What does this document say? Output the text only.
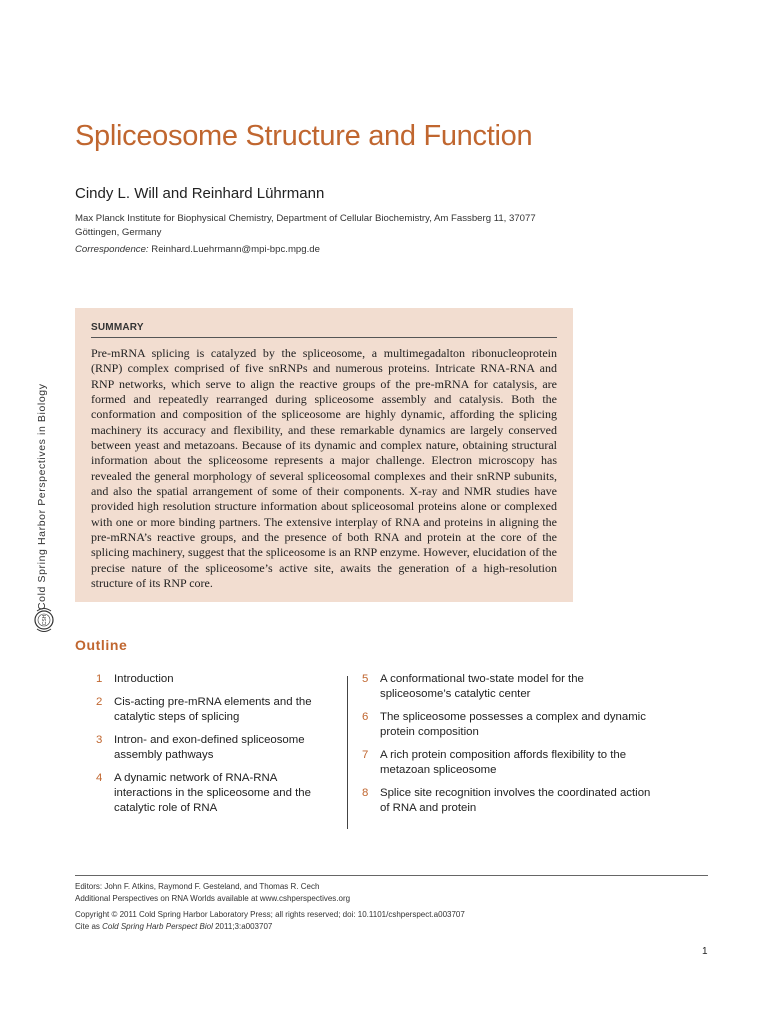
Cold Spring Harbor Perspectives in Biology
CSH
Spliceosome Structure and Function
Cindy L. Will and Reinhard Lührmann
Max Planck Institute for Biophysical Chemistry, Department of Cellular Biochemistry, Am Fassberg 11, 37077
Göttingen, Germany
Correspondence: Reinhard.Luehrmann@mpi-bpc.mpg.de
SUMMARY
Pre-mRNA splicing is catalyzed by the spliceosome, a multimegadalton ribonucleoprotein (RNP) complex comprised of five snRNPs and numerous proteins. Intricate RNA-RNA and RNP networks, which serve to align the reactive groups of the pre-mRNA for catalysis, are formed and repeatedly rearranged during spliceosome assembly and catalysis. Both the conformation and composition of the spliceosome are highly dynamic, affording the splicing machinery its accuracy and flexibility, and these remarkable dynamics are largely conserved between yeast and metazoans. Because of its dynamic and complex nature, obtaining structural information about the spliceosome represents a major challenge. Electron microscopy has revealed the general morphology of several spliceosomal complexes and their snRNP subunits, and also the spatial arrangement of some of their components. X-ray and NMR studies have provided high resolution structure information about spliceosomal proteins alone or complexed with one or more binding partners. The extensive interplay of RNA and proteins in aligning the pre-mRNA’s reactive groups, and the presence of both RNA and protein at the core of the splicing machinery, suggest that the spliceosome is an RNP enzyme. However, elucidation of the precise nature of the spliceosome’s active site, awaits the generation of a high-resolution structure of its RNP core.
Outline
1	Introduction
2	Cis-acting pre-mRNA elements and the catalytic steps of splicing
3	Intron- and exon-defined spliceosome assembly pathways
4	A dynamic network of RNA-RNA interactions in the spliceosome and the catalytic role of RNA
5	A conformational two-state model for the spliceosome’s catalytic center
6	The spliceosome possesses a complex and dynamic protein composition
7	A rich protein composition affords flexibility to the metazoan spliceosome
8	Splice site recognition involves the coordinated action of RNA and protein
Editors: John F. Atkins, Raymond F. Gesteland, and Thomas R. Cech
Additional Perspectives on RNA Worlds available at www.cshperspectives.org
Copyright © 2011 Cold Spring Harbor Laboratory Press; all rights reserved; doi: 10.1101/cshperspect.a003707
Cite as Cold Spring Harb Perspect Biol 2011;3:a003707
1
